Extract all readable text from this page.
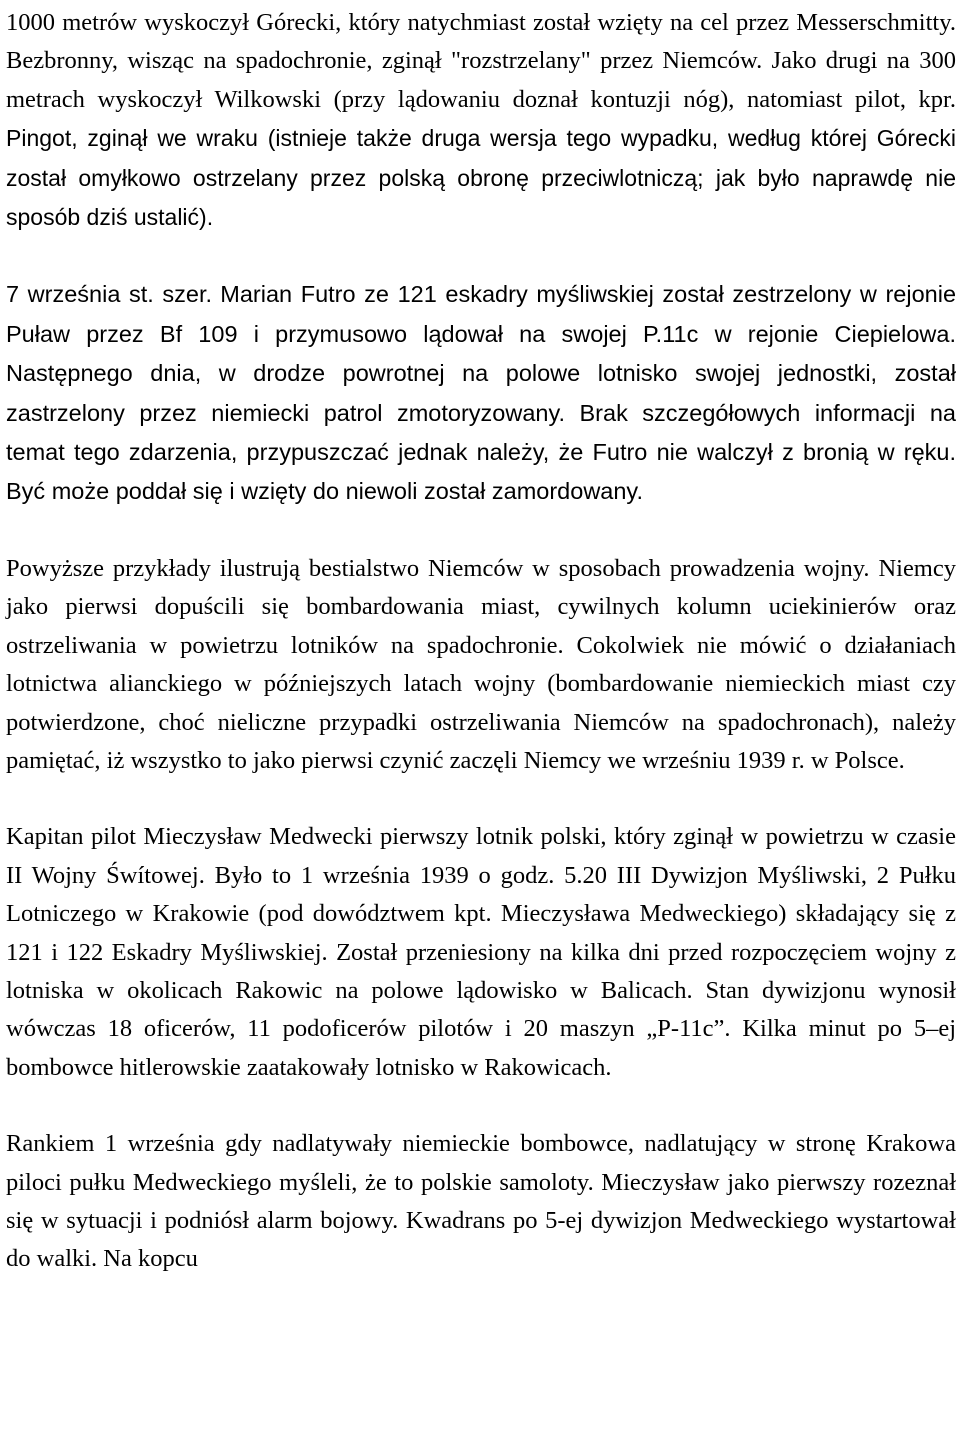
1000 metrów wyskoczył Górecki, który natychmiast został wzięty na cel przez Messerschmitty. Bezbronny, wisząc na spadochronie, zginął "rozstrzelany" przez Niemców. Jako drugi na 300 metrach wyskoczył Wilkowski (przy lądowaniu doznał kontuzji nóg), natomiast pilot, kpr. Pingot, zginął we wraku (istnieje także druga wersja tego wypadku, według której Górecki został omyłkowo ostrzelany przez polską obronę przeciwlotniczą; jak było naprawdę nie sposób dziś ustalić).

7 września st. szer. Marian Futro ze 121 eskadry myśliwskiej został zestrzelony w rejonie Puław przez Bf 109 i przymusowo lądował na swojej P.11c w rejonie Ciepielowa. Następnego dnia, w drodze powrotnej na polowe lotnisko swojej jednostki, został zastrzelony przez niemiecki patrol zmotoryzowany. Brak szczegółowych informacji na temat tego zdarzenia, przypuszczać jednak należy, że Futro nie walczył z bronią w ręku. Być może poddał się i wzięty do niewoli został zamordowany.

Powyższe przykłady ilustrują bestialstwo Niemców w sposobach prowadzenia wojny. Niemcy jako pierwsi dopuścili się bombardowania miast, cywilnych kolumn uciekinierów oraz ostrzeliwania w powietrzu lotników na spadochronie. Cokolwiek nie mówić o działaniach lotnictwa alianckiego w późniejszych latach wojny (bombardowanie niemieckich miast czy potwierdzone, choć nieliczne przypadki ostrzeliwania Niemców na spadochronach), należy pamiętać, iż wszystko to jako pierwsi czynić zaczęli Niemcy we wrześniu 1939 r. w Polsce.

Kapitan pilot Mieczysław Medwecki pierwszy lotnik polski, który zginął w powietrzu w czasie II Wojny Śwítowej. Było to 1 września 1939 o godz. 5.20 III Dywizjon Myśliwski, 2 Pułku Lotniczego w Krakowie (pod dowództwem kpt. Mieczysława Medweckiego) składający się z 121 i 122 Eskadry Myśliwskiej. Został przeniesiony na kilka dni przed rozpoczęciem wojny z lotniska w okolicach Rakowic na polowe lądowisko w Balicach. Stan dywizjonu wynosił wówczas 18 oficerów, 11 podoficerów pilotów i 20 maszyn „P-11c”. Kilka minut po 5–ej bombowce hitlerowskie zaatakowały lotnisko w Rakowicach.

Rankiem 1 września gdy nadlatywały niemieckie bombowce, nadlatujący w stronę Krakowa piloci pułku Medweckiego myśleli, że to polskie samoloty. Mieczysław jako pierwszy rozeznał się w sytuacji i podniósł alarm bojowy. Kwadrans po 5-ej dywizjon Medweckiego wystartował do walki. Na kopcu
